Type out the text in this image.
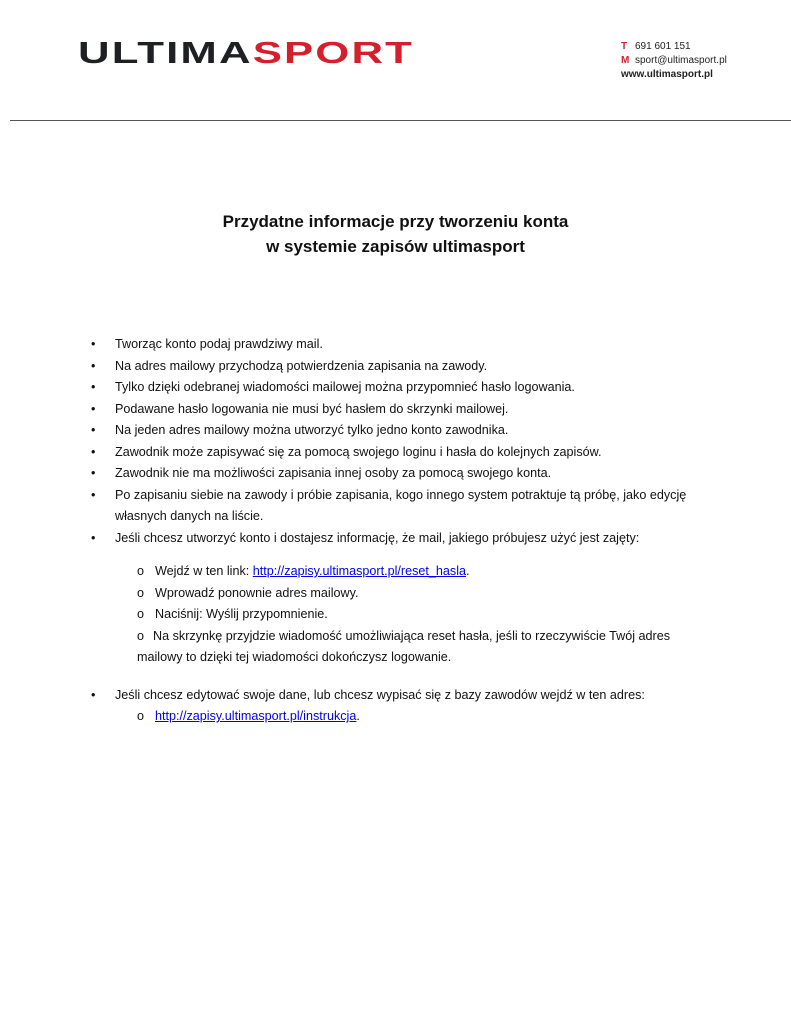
ULTIMA SPORT	T 691 601 151
M sport@ultimasport.pl
www.ultimasport.pl
Przydatne informacje przy tworzeniu konta
w systemie zapisów ultimasport
• Tworząc konto podaj prawdziwy mail.
• Na adres mailowy przychodzą potwierdzenia zapisania na zawody.
• Tylko dzięki odebranej wiadomości mailowej można przypomnieć hasło logowania.
• Podawane hasło logowania nie musi być hasłem do skrzynki mailowej.
• Na jeden adres mailowy można utworzyć tylko jedno konto zawodnika.
• Zawodnik może zapisywać się za pomocą swojego loginu i hasła do kolejnych zapisów.
• Zawodnik nie ma możliwości zapisania innej osoby za pomocą swojego konta.
• Po zapisaniu siebie na zawody i próbie zapisania, kogo innego system potraktuje tą próbę, jako edycję własnych danych na liście.
• Jeśli chcesz utworzyć konto i dostajesz informację, że mail, jakiego próbujesz użyć jest zajęty:
o Wejdź w ten link: http://zapisy.ultimasport.pl/reset_hasla.
o Wprowadź ponownie adres mailowy.
o Naciśnij: Wyślij przypomnienie.
o Na skrzynkę przyjdzie wiadomość umożliwiająca reset hasła, jeśli to rzeczywiście Twój adres mailowy to dzięki tej wiadomości dokończysz logowanie.
• Jeśli chcesz edytować swoje dane, lub chcesz wypisać się z bazy zawodów wejdź w ten adres:
o http://zapisy.ultimasport.pl/instrukcja.
